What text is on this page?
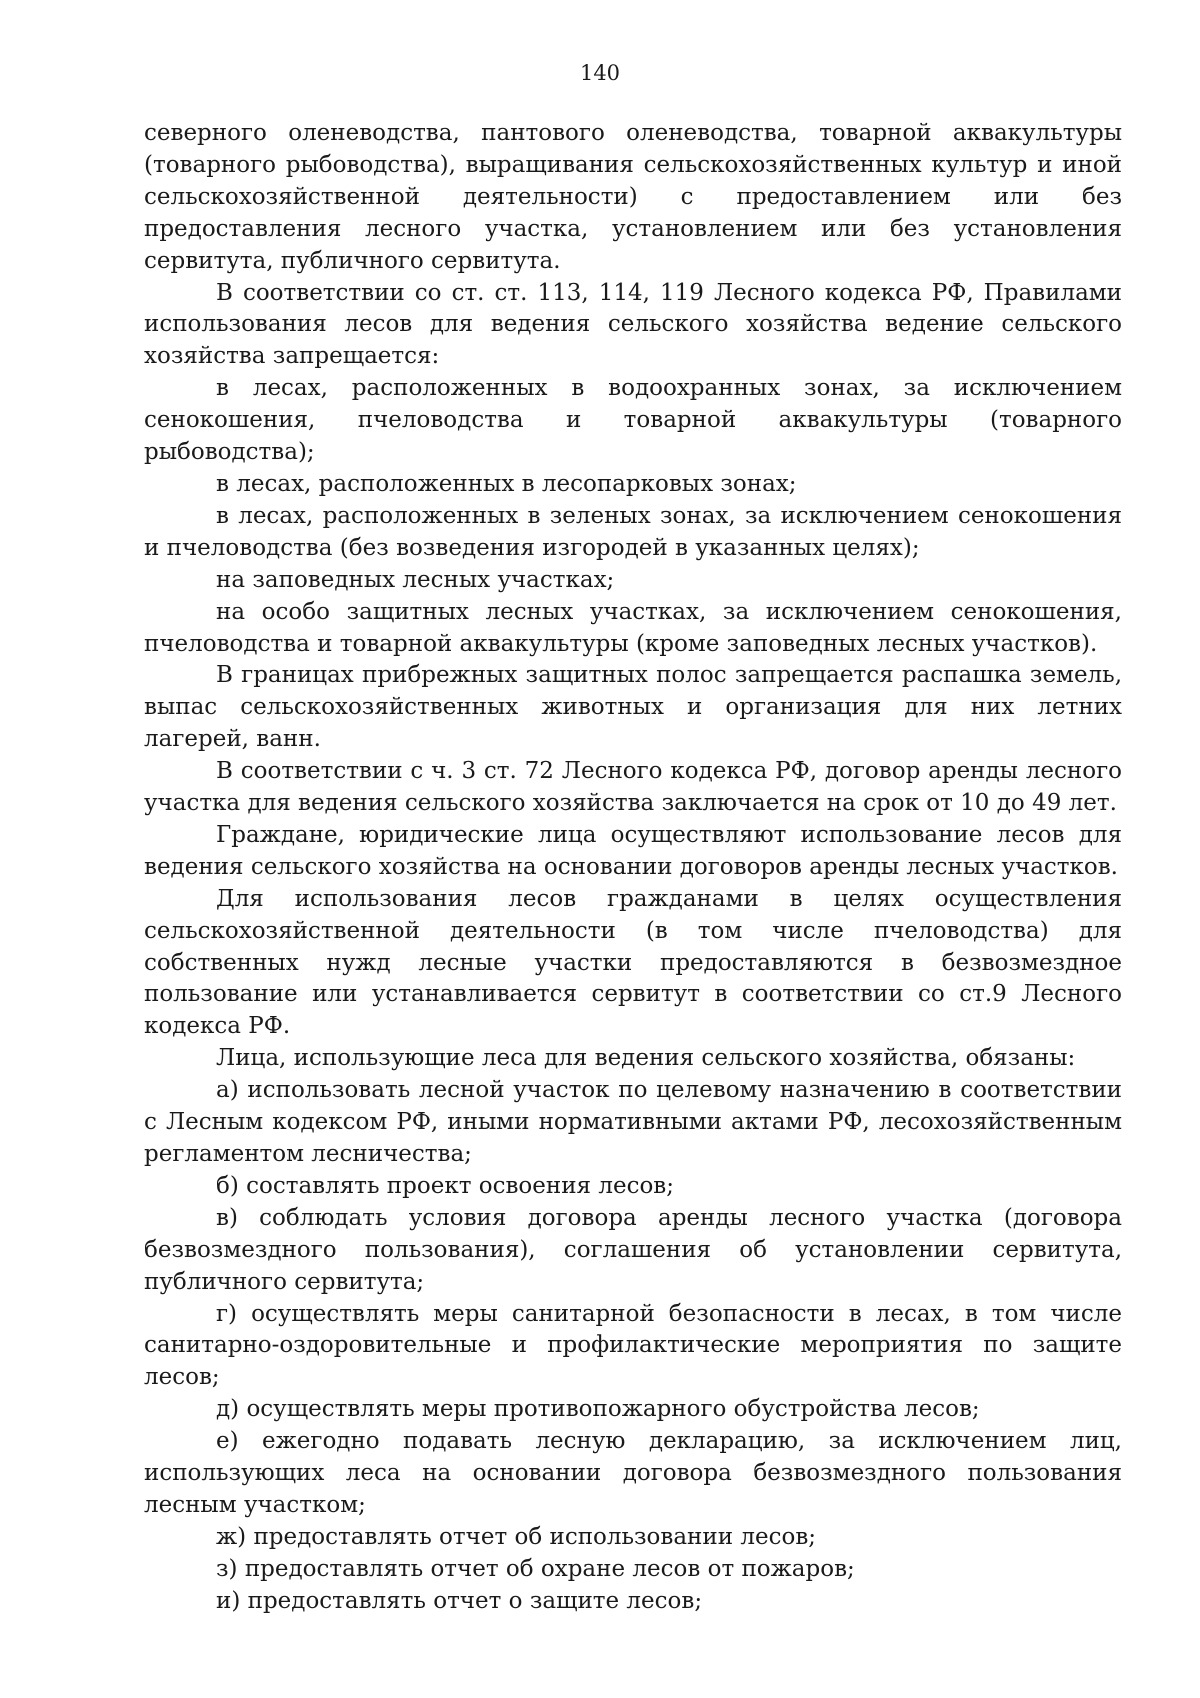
140

северного оленеводства, пантового оленеводства, товарной аквакультуры (товарного рыбоводства), выращивания сельскохозяйственных культур и иной сельскохозяйственной деятельности) с предоставлением или без предоставления лесного участка, установлением или без установления сервитута, публичного сервитута.

В соответствии со ст. ст. 113, 114, 119 Лесного кодекса РФ, Правилами использования лесов для ведения сельского хозяйства ведение сельского хозяйства запрещается:

в лесах, расположенных в водоохранных зонах, за исключением сенокошения, пчеловодства и товарной аквакультуры (товарного рыбоводства);

в лесах, расположенных в лесопарковых зонах;

в лесах, расположенных в зеленых зонах, за исключением сенокошения и пчеловодства (без возведения изгородей в указанных целях);

на заповедных лесных участках;

на особо защитных лесных участках, за исключением сенокошения, пчеловодства и товарной аквакультуры (кроме заповедных лесных участков).

В границах прибрежных защитных полос запрещается распашка земель, выпас сельскохозяйственных животных и организация для них летних лагерей, ванн.

В соответствии с ч. 3 ст. 72 Лесного кодекса РФ, договор аренды лесного участка для ведения сельского хозяйства заключается на срок от 10 до 49 лет.

Граждане, юридические лица осуществляют использование лесов для ведения сельского хозяйства на основании договоров аренды лесных участков.

Для использования лесов гражданами в целях осуществления сельскохозяйственной деятельности (в том числе пчеловодства) для собственных нужд лесные участки предоставляются в безвозмездное пользование или устанавливается сервитут в соответствии со ст.9 Лесного кодекса РФ.

Лица, использующие леса для ведения сельского хозяйства, обязаны:

а) использовать лесной участок по целевому назначению в соответствии с Лесным кодексом РФ, иными нормативными актами РФ, лесохозяйственным регламентом лесничества;

б) составлять проект освоения лесов;

в) соблюдать условия договора аренды лесного участка (договора безвозмездного пользования), соглашения об установлении сервитута, публичного сервитута;

г) осуществлять меры санитарной безопасности в лесах, в том числе санитарно-оздоровительные и профилактические мероприятия по защите лесов;

д) осуществлять меры противопожарного обустройства лесов;

е) ежегодно подавать лесную декларацию, за исключением лиц, использующих леса на основании договора безвозмездного пользования лесным участком;

ж) предоставлять отчет об использовании лесов;

з) предоставлять отчет об охране лесов от пожаров;

и) предоставлять отчет о защите лесов;
